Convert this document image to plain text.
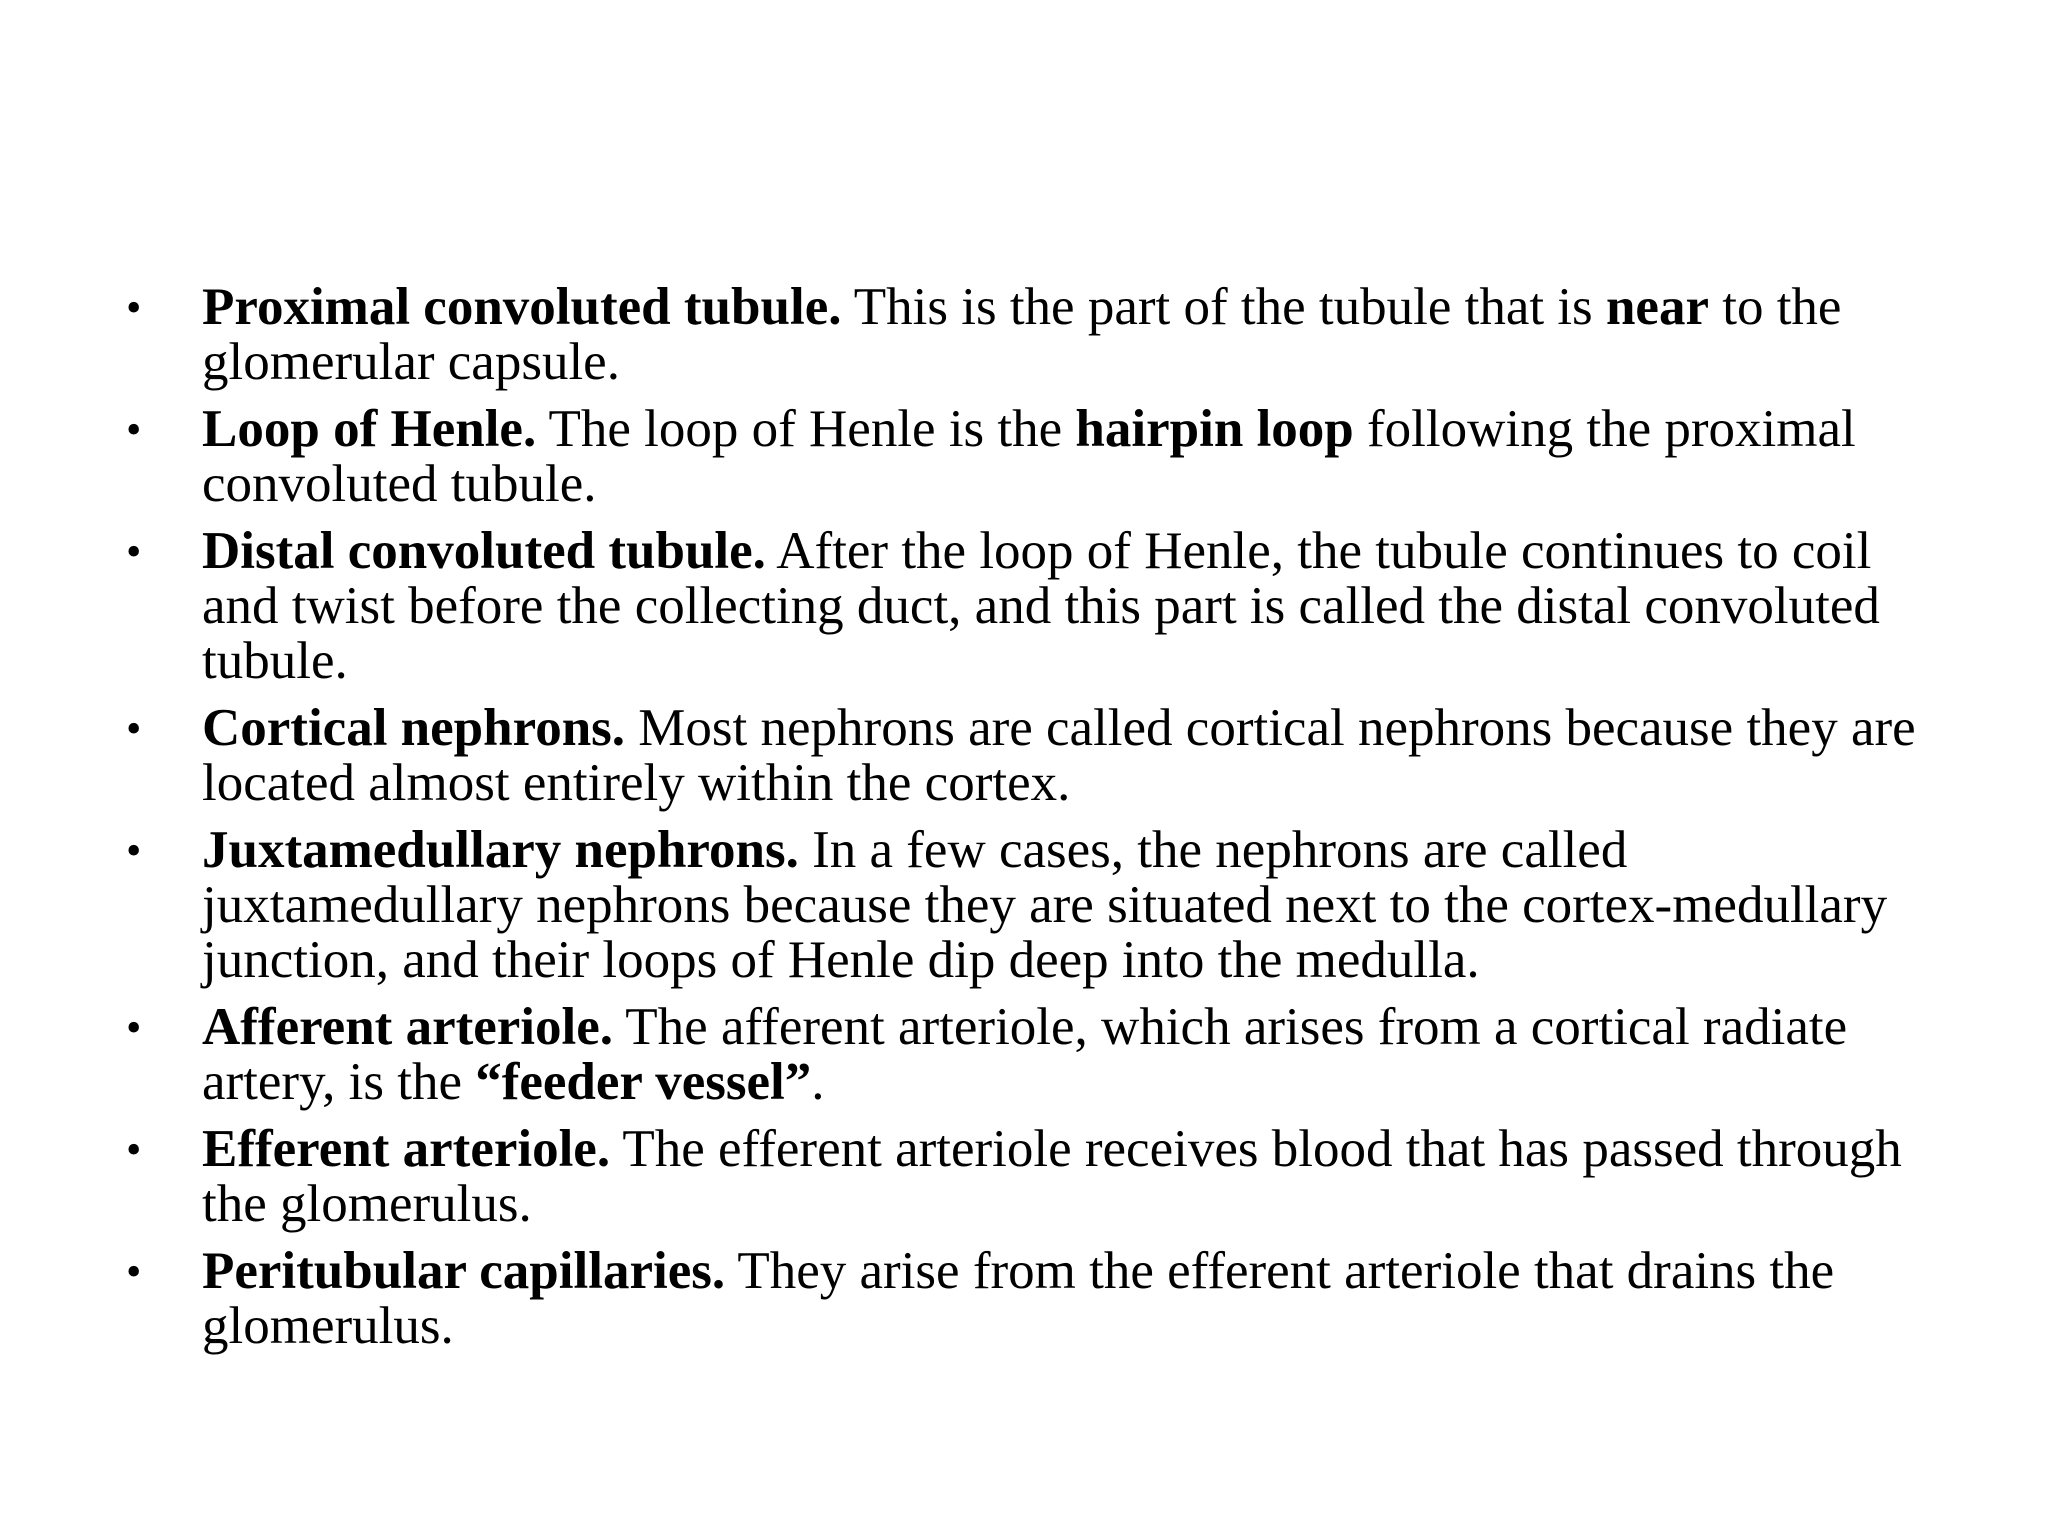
• Proximal convoluted tubule. This is the part of the tubule that is near to the glomerular capsule.
• Loop of Henle. The loop of Henle is the hairpin loop following the proximal convoluted tubule.
• Distal convoluted tubule. After the loop of Henle, the tubule continues to coil and twist before the collecting duct, and this part is called the distal convoluted tubule.
• Cortical nephrons. Most nephrons are called cortical nephrons because they are located almost entirely within the cortex.
• Juxtamedullary nephrons. In a few cases, the nephrons are called juxtamedullary nephrons because they are situated next to the cortex-medullary junction, and their loops of Henle dip deep into the medulla.
• Afferent arteriole. The afferent arteriole, which arises from a cortical radiate artery, is the “feeder vessel”.
• Efferent arteriole. The efferent arteriole receives blood that has passed through the glomerulus.
• Peritubular capillaries. They arise from the efferent arteriole that drains the glomerulus.
